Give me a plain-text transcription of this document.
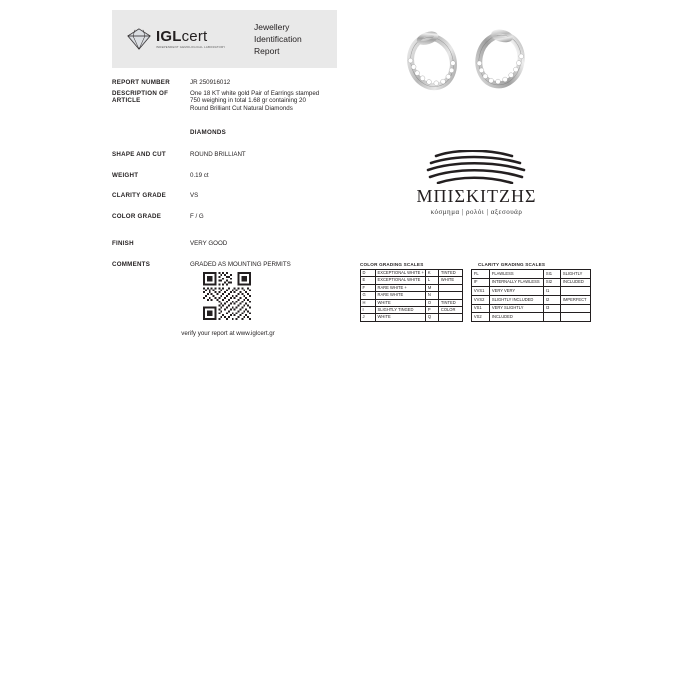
IGLcert
INDEPENDENT GEMOLOGICAL LABORATORY
Jewellery
Identification
Report
REPORT NUMBER	JR 250916012
DESCRIPTION OF
ARTICLE
One 18 KT white gold Pair of Earrings stamped
750 weighing in total 1.68 gr containing 20
Round Brilliant Cut Natural Diamonds
DIAMONDS
SHAPE AND CUT	ROUND BRILLIANT
WEIGHT	0.19 ct
CLARITY GRADE	VS
COLOR GRADE	F / G
FINISH	VERY GOOD
COMMENTS	GRADED AS MOUNTING PERMITS
verify your report at www.iglcert.gr
ΜΠΙΣΚΙΤΖΗΣ
κόσμημα | ρολόι | αξεσουάρ
COLOR GRADING SCALES	CLARITY GRADING SCALES
D	EXCEPTIONAL WHITE +	K	TINTED
E	EXCEPTIONAL WHITE	L	WHITE
F	RARE WHITE +	M	
G	RARE WHITE	N	
H	WHITE	O	TINTED
I	SLIGHTLY TINGED	P	COLOR
J	WHITE	Q	
FL	FLAWLESS	SI1	SLIGHTLY
IF	INTERNALLY FLAWLESS	SI2	INCLUDED
VVS1	VERY VERY	I1	
VVS2	SLIGHTLY INCLUDED	I2	IMPERFECT
VS1	VERY SLIGHTLY	I3	
VS2	INCLUDED		
